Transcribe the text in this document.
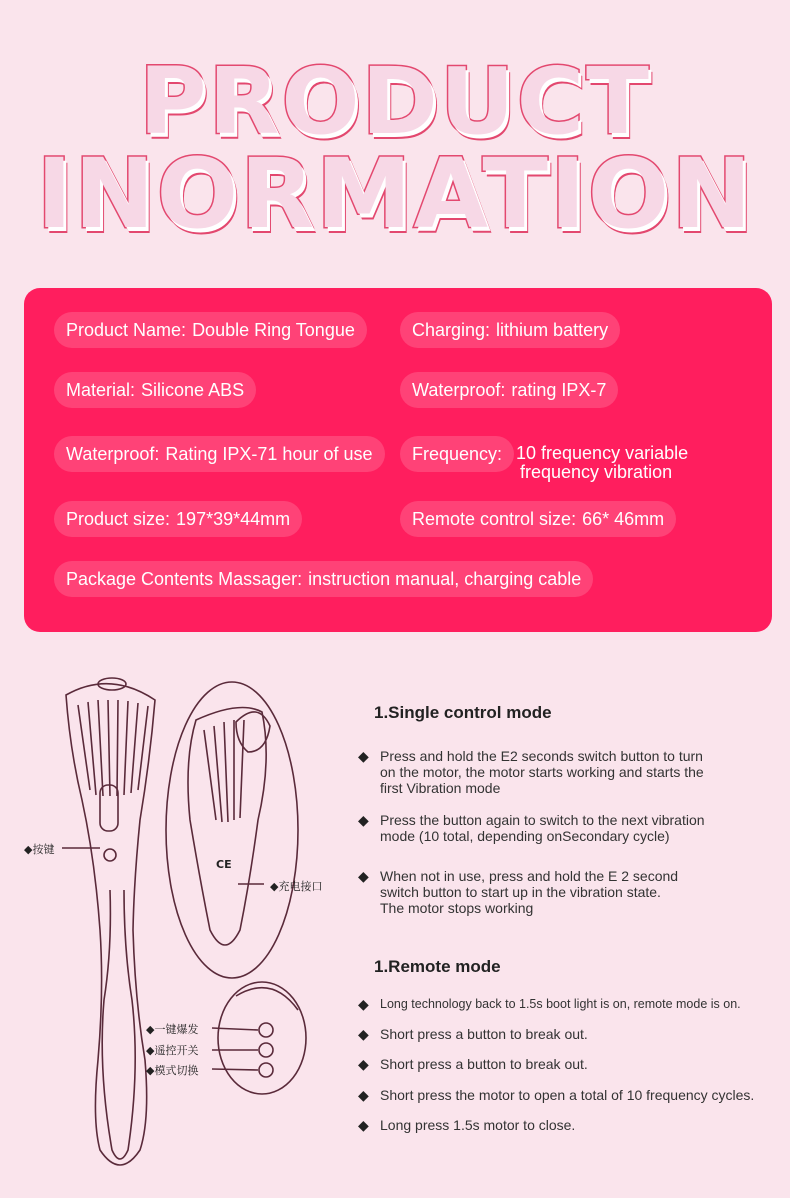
PRODUCT
INORMATION
Product Name: Double Ring Tongue	Charging: lithium battery
Material: Silicone ABS	Waterproof: rating IPX-7
Waterproof: Rating IPX-71 hour of use	Frequency: 10 frequency variable
frequency vibration
Product size: 197*39*44mm	Remote control size: 66* 46mm
Package Contents Massager: instruction manual, charging cable
◆按键
◆充电接口
◆一键爆发
◆遥控开关
◆模式切换
CE
1.Single control mode
◆ Press and hold the E2 seconds switch button to turn
on the motor, the motor starts working and starts the
first Vibration mode
◆ Press the button again to switch to the next vibration
mode (10 total, depending onSecondary cycle)
◆ When not in use, press and hold the E 2 second
switch button to start up in the vibration state.
The motor stops working
1.Remote mode
◆ Long technology back to 1.5s boot light is on, remote mode is on.
◆ Short press a button to break out.
◆ Short press a button to break out.
◆ Short press the motor to open a total of 10 frequency cycles.
◆ Long press 1.5s motor to close.
